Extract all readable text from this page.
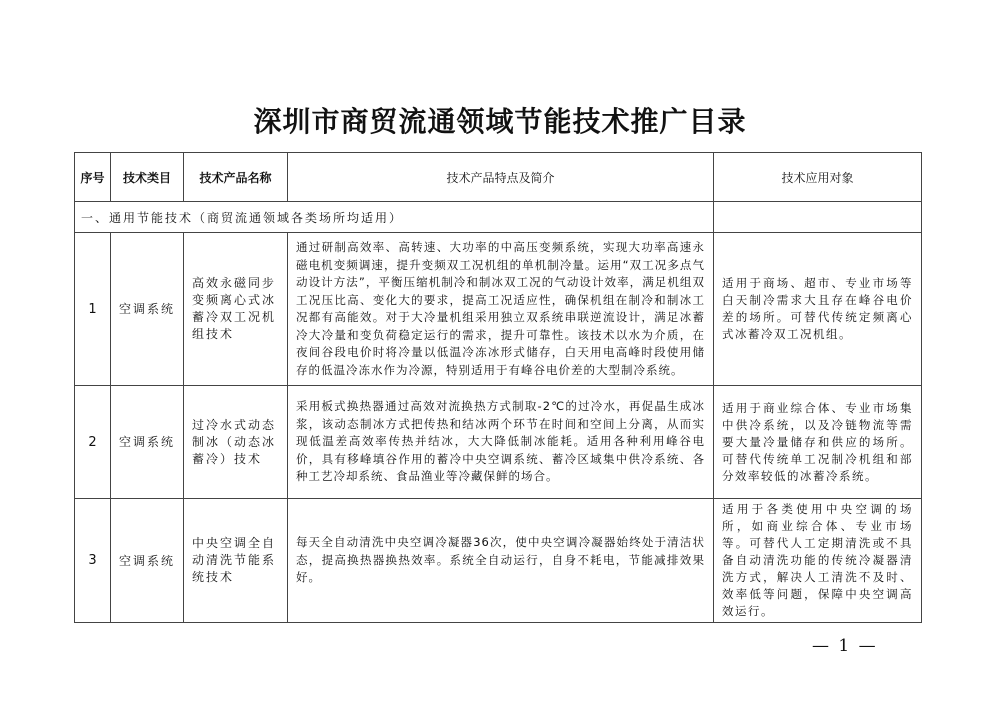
深圳市商贸流通领域节能技术推广目录
序号	技术类目	技术产品名称	技术产品特点及简介	技术应用对象
一、通用节能技术（商贸流通领域各类场所均适用）				
1	空调系统	高效永磁同步变频离心式冰蓄冷双工况机组技术	通过研制高效率、高转速、大功率的中高压变频系统，实现大功率高速永磁电机变频调速，提升变频双工况机组的单机制冷量。运用“双工况多点气动设计方法”，平衡压缩机制冷和制冰双工况的气动设计效率，满足机组双工况压比高、变化大的要求，提高工况适应性，确保机组在制冷和制冰工况都有高能效。对于大冷量机组采用独立双系统串联逆流设计，满足冰蓄冷大冷量和变负荷稳定运行的需求，提升可靠性。该技术以水为介质，在夜间谷段电价时将冷量以低温冷冻冰形式储存，白天用电高峰时段使用储存的低温冷冻水作为冷源，特别适用于有峰谷电价差的大型制冷系统。	适用于商场、超市、专业市场等白天制冷需求大且存在峰谷电价差的场所。可替代传统定频离心式冰蓄冷双工况机组。
2	空调系统	过冷水式动态制冰（动态冰蓄冷）技术	采用板式换热器通过高效对流换热方式制取-2℃的过冷水，再促晶生成冰浆，该动态制冰方式把传热和结冰两个环节在时间和空间上分离，从而实现低温差高效率传热并结冰，大大降低制冰能耗。适用各种利用峰谷电价，具有移峰填谷作用的蓄冷中央空调系统、蓄冷区域集中供冷系统、各种工艺冷却系统、食品渔业等冷藏保鲜的场合。	适用于商业综合体、专业市场集中供冷系统，以及冷链物流等需要大量冷量储存和供应的场所。可替代传统单工况制冷机组和部分效率较低的冰蓄冷系统。
3	空调系统	中央空调全自动清洗节能系统技术	每天全自动清洗中央空调冷凝器36次，使中央空调冷凝器始终处于清洁状态，提高换热器换热效率。系统全自动运行，自身不耗电，节能减排效果好。	适用于各类使用中央空调的场所，如商业综合体、专业市场等。可替代人工定期清洗或不具备自动清洗功能的传统冷凝器清洗方式，解决人工清洗不及时、效率低等问题，保障中央空调高效运行。
— 1 —
